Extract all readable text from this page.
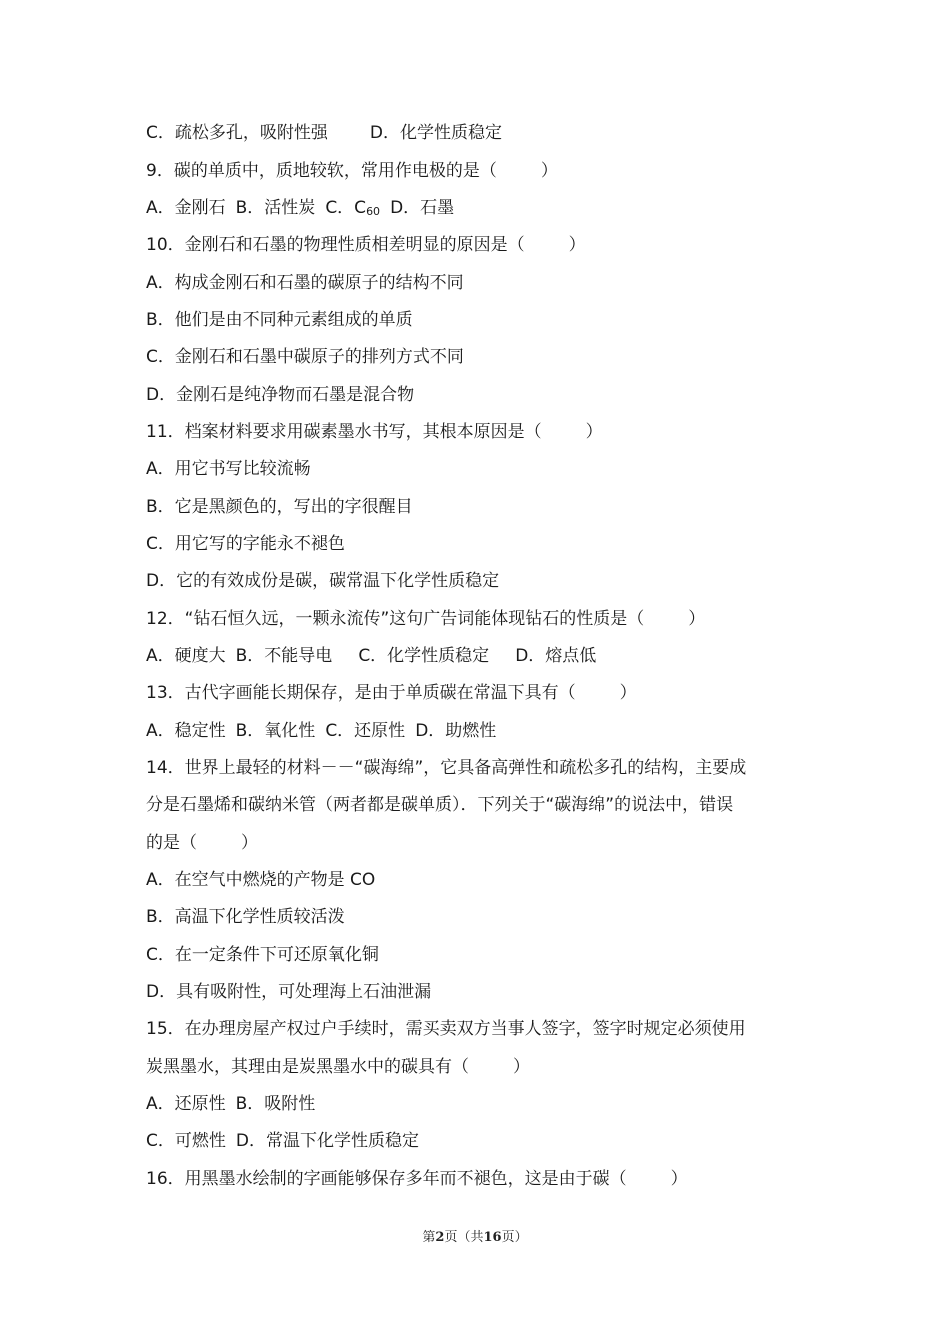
C．疏松多孔，吸附性强 D．化学性质稳定
9．碳的单质中，质地较软，常用作电极的是（	）
A．金刚石 B．活性炭 C．$C_{60}$ D．石墨
10．金刚石和石墨的物理性质相差明显的原因是（	）
A．构成金刚石和石墨的碳原子的结构不同
B．他们是由不同种元素组成的单质
C．金刚石和石墨中碳原子的排列方式不同
D．金刚石是纯净物而石墨是混合物
11．档案材料要求用碳素墨水书写，其根本原因是（	）
A．用它书写比较流畅
B．它是黑颜色的，写出的字很醒目
C．用它写的字能永不褪色
D．它的有效成份是碳，碳常温下化学性质稳定
12．“钻石恒久远，一颗永流传”这句广告词能体现钻石的性质是（	）
A．硬度大 B．不能导电 C．化学性质稳定 D．熔点低
13．古代字画能长期保存，是由于单质碳在常温下具有（	）
A．稳定性 B．氧化性 C．还原性 D．助燃性
14．世界上最轻的材料－－“碳海绵”，它具备高弹性和疏松多孔的结构，主要成
分是石墨烯和碳纳米管（两者都是碳单质）．下列关于“碳海绵”的说法中，错误
的是（	）
A．在空气中燃烧的产物是 CO
B．高温下化学性质较活泼
C．在一定条件下可还原氧化铜
D．具有吸附性，可处理海上石油泄漏
15．在办理房屋产权过户手续时，需买卖双方当事人签字，签字时规定必须使用
炭黑墨水，其理由是炭黑墨水中的碳具有（	）
A．还原性 B．吸附性
C．可燃性 D．常温下化学性质稳定
16．用黑墨水绘制的字画能够保存多年而不褪色，这是由于碳（	）
第2页（共16页）
